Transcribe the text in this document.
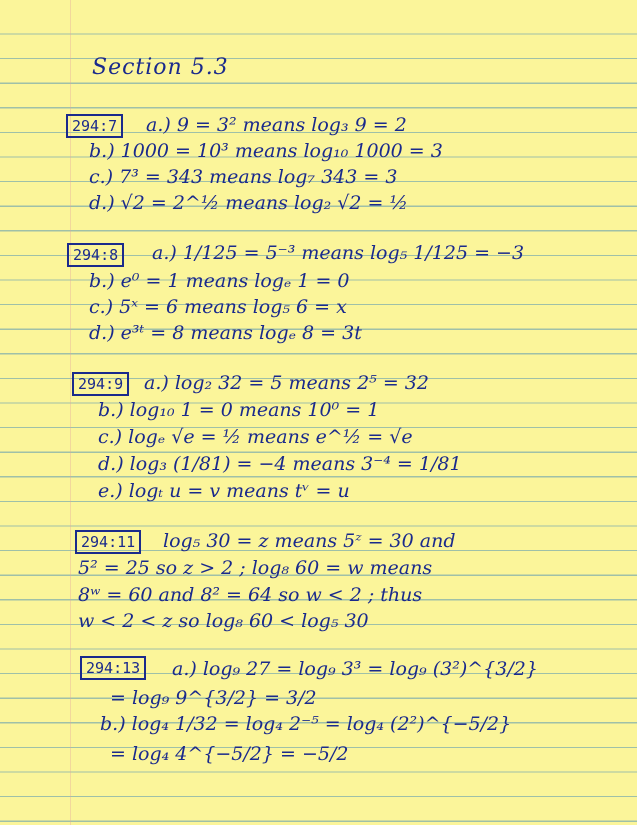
Section 5.3
294:7	a.) 9 = 3² means log₃ 9 = 2
b.) 1000 = 10³ means log₁₀ 1000 = 3
c.) 7³ = 343 means log₇ 343 = 3
d.) √2 = 2^½ means log₂ √2 = ½
294:8	a.) 1/125 = 5⁻³ means log₅ 1/125 = −3
b.) e⁰ = 1 means logₑ 1 = 0
c.) 5ˣ = 6 means log₅ 6 = x
d.) e³ᵗ = 8 means logₑ 8 = 3t
294:9	a.) log₂ 32 = 5 means 2⁵ = 32
b.) log₁₀ 1 = 0 means 10⁰ = 1
c.) logₑ √e = ½ means e^½ = √e
d.) log₃ (1/81) = −4 means 3⁻⁴ = 1/81
e.) logₜ u = v means tᵛ = u
294:11	log₅ 30 = z means 5ᶻ = 30 and
5² = 25 so z > 2 ; log₈ 60 = w means
8ʷ = 60 and 8² = 64 so w < 2 ; thus
w < 2 < z so log₈ 60 < log₅ 30
294:13	a.) log₉ 27 = log₉ 3³ = log₉ (3²)^{3/2}
= log₉ 9^{3/2} = 3/2
b.) log₄ 1/32 = log₄ 2⁻⁵ = log₄ (2²)^{−5/2}
= log₄ 4^{−5/2} = −5/2
